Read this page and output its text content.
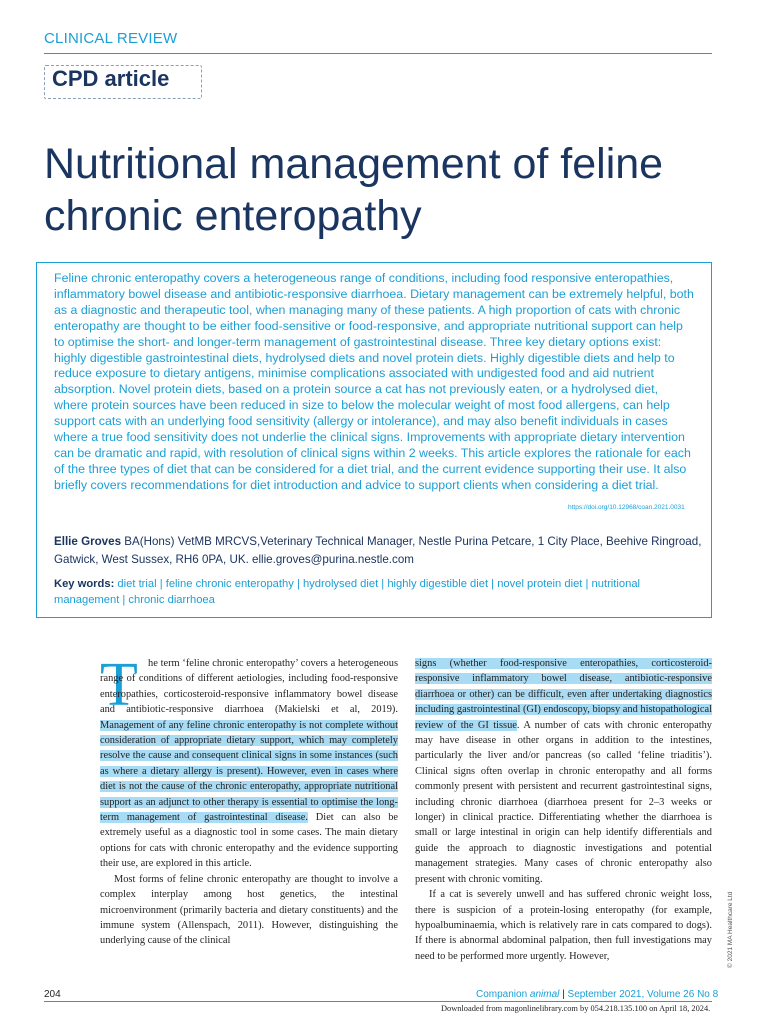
CLINICAL REVIEW
CPD article
Nutritional management of feline chronic enteropathy

Feline chronic enteropathy covers a heterogeneous range of conditions, including food responsive enteropathies, inflammatory bowel disease and antibiotic-responsive diarrhoea. Dietary management can be extremely helpful, both as a diagnostic and therapeutic tool, when managing many of these patients. A high proportion of cats with chronic enteropathy are thought to be either food-sensitive or food-responsive, and appropriate nutritional support can help to optimise the short- and longer-term management of gastrointestinal disease. Three key dietary options exist: highly digestible gastrointestinal diets, hydrolysed diets and novel protein diets. Highly digestible diets and help to reduce exposure to dietary antigens, minimise complications associated with undigested food and aid nutrient absorption. Novel protein diets, based on a protein source a cat has not previously eaten, or a hydrolysed diet, where protein sources have been reduced in size to below the molecular weight of most food allergens, can help support cats with an underlying food sensitivity (allergy or intolerance), and may also benefit individuals in cases where a true food sensitivity does not underlie the clinical signs. Improvements with appropriate dietary intervention can be dramatic and rapid, with resolution of clinical signs within 2 weeks. This article explores the rationale for each of the three types of diet that can be considered for a diet trial, and the current evidence supporting their use. It also briefly covers recommendations for diet introduction and advice to support clients when considering a diet trial.

https://doi.org/10.12968/coan.2021.0031

Ellie Groves BA(Hons) VetMB MRCVS,Veterinary Technical Manager, Nestle Purina Petcare, 1 City Place, Beehive Ringroad, Gatwick, West Sussex, RH6 0PA, UK. ellie.groves@purina.nestle.com

Key words: diet trial | feline chronic enteropathy | hydrolysed diet | highly digestible diet | novel protein diet | nutritional management | chronic diarrhoea

T he term ‘feline chronic enteropathy’ covers a heterogeneous range of conditions of different aetiologies, including food-responsive enteropathies, corticosteroid-responsive inflammatory bowel disease and antibiotic-responsive diarrhoea (Makielski et al, 2019). Management of any feline chronic enteropathy is not complete without consideration of appropriate dietary support, which may completely resolve the cause and consequent clinical signs in some instances (such as where a dietary allergy is present). However, even in cases where diet is not the cause of the chronic enteropathy, appropriate nutritional support as an adjunct to other therapy is essential to optimise the long-term management of gastrointestinal disease. Diet can also be extremely useful as a diagnostic tool in some cases. The main dietary options for cats with chronic enteropathy and the evidence supporting their use, are explored in this article.

Most forms of feline chronic enteropathy are thought to involve a complex interplay among host genetics, the intestinal microenvironment (primarily bacteria and dietary constituents) and the immune system (Allenspach, 2011). However, distinguishing the underlying cause of the clinical

signs (whether food-responsive enteropathies, corticosteroid-responsive inflammatory bowel disease, antibiotic-responsive diarrhoea or other) can be difficult, even after undertaking diagnostics including gastrointestinal (GI) endoscopy, biopsy and histopathological review of the GI tissue. A number of cats with chronic enteropathy may have disease in other organs in addition to the intestines, particularly the liver and/or pancreas (so called ‘feline triaditis’). Clinical signs often overlap in chronic enteropathy and all forms commonly present with persistent and recurrent gastrointestinal signs, including chronic diarrhoea (diarrhoea present for 2–3 weeks or longer) in clinical practice. Differentiating whether the diarrhoea is small or large intestinal in origin can help identify differentials and guide the approach to diagnostic investigations and potential management strategies. Many cases of chronic enteropathy also present with chronic vomiting.

If a cat is severely unwell and has suffered chronic weight loss, there is suspicion of a protein-losing enteropathy (for example, hypoalbuminaemia, which is relatively rare in cats compared to dogs). If there is abnormal abdominal palpation, then full investigations may need to be performed more urgently. However,	© 2021 MA Healthcare Ltd
204	Companion animal | September 2021, Volume 26 No 8
Downloaded from magonlinelibrary.com by 054.218.135.100 on April 18, 2024.
